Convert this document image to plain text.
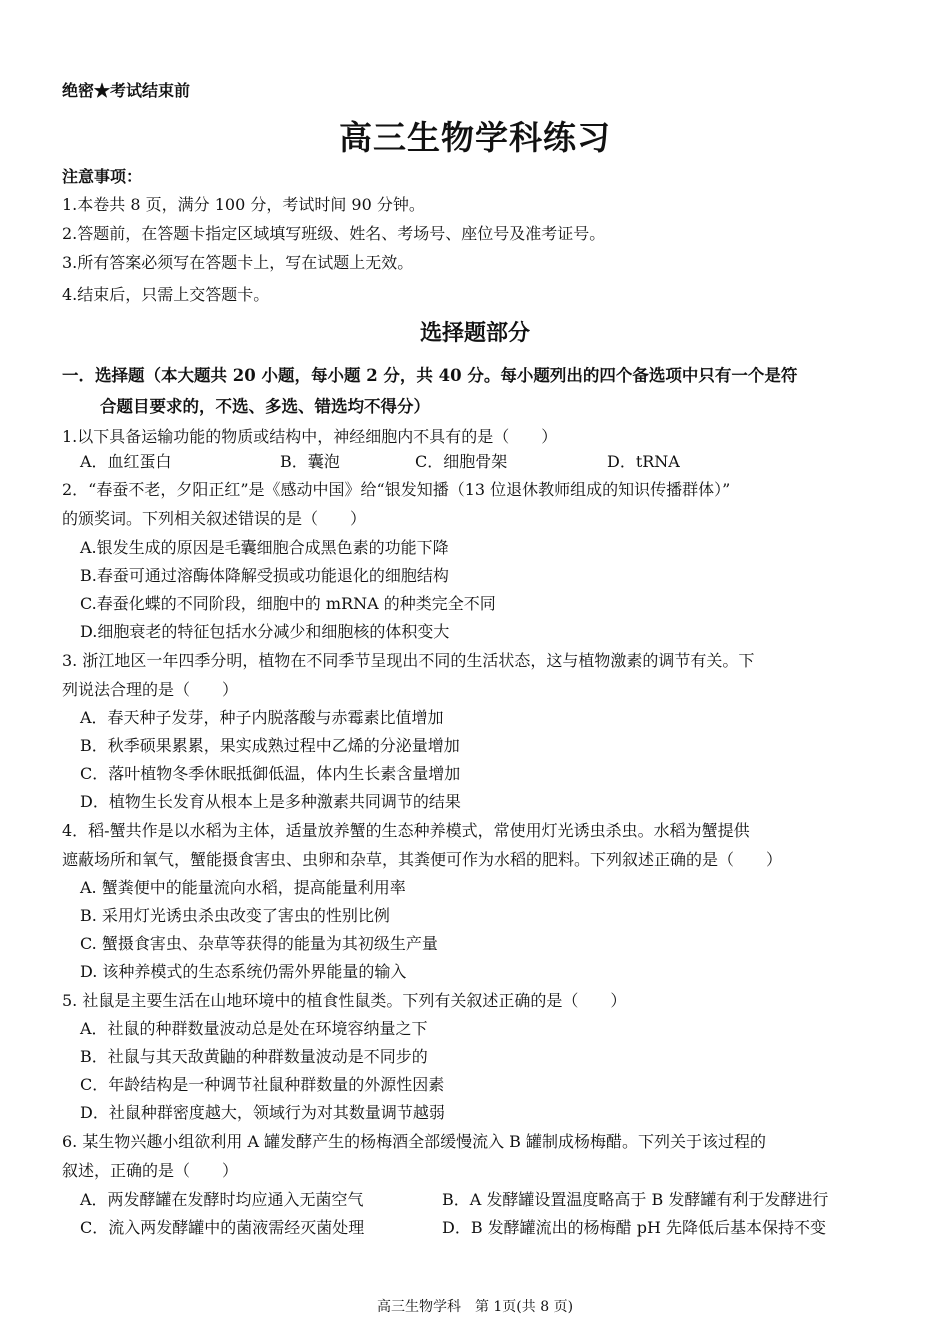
绝密★考试结束前
高三生物学科练习
注意事项：
1.本卷共 8 页，满分 100 分，考试时间 90 分钟。
2.答题前，在答题卡指定区域填写班级、姓名、考场号、座位号及准考证号。
3.所有答案必须写在答题卡上，写在试题上无效。
4.结束后，只需上交答题卡。
选择题部分
一．选择题（本大题共 20 小题，每小题 2 分，共 40 分。每小题列出的四个备选项中只有一个是符
合题目要求的，不选、多选、错选均不得分）
1.以下具备运输功能的物质或结构中，神经细胞内不具有的是（　　）
A．血红蛋白	B．囊泡	C．细胞骨架	D．tRNA
2．“春蚕不老，夕阳正红”是《感动中国》给“银发知播（13 位退休教师组成的知识传播群体）”
的颁奖词。下列相关叙述错误的是（　　）
A.银发生成的原因是毛囊细胞合成黑色素的功能下降
B.春蚕可通过溶酶体降解受损或功能退化的细胞结构
C.春蚕化蝶的不同阶段，细胞中的 mRNA 的种类完全不同
D.细胞衰老的特征包括水分减少和细胞核的体积变大
3. 浙江地区一年四季分明，植物在不同季节呈现出不同的生活状态，这与植物激素的调节有关。下
列说法合理的是（　　）
A．春天种子发芽，种子内脱落酸与赤霉素比值增加
B．秋季硕果累累，果实成熟过程中乙烯的分泌量增加
C．落叶植物冬季休眠抵御低温，体内生长素含量增加
D．植物生长发育从根本上是多种激素共同调节的结果
4．稻-蟹共作是以水稻为主体，适量放养蟹的生态种养模式，常使用灯光诱虫杀虫。水稻为蟹提供
遮蔽场所和氧气，蟹能摄食害虫、虫卵和杂草，其粪便可作为水稻的肥料。下列叙述正确的是（　　）
A. 蟹粪便中的能量流向水稻，提高能量利用率
B. 采用灯光诱虫杀虫改变了害虫的性别比例
C. 蟹摄食害虫、杂草等获得的能量为其初级生产量
D. 该种养模式的生态系统仍需外界能量的输入
5. 社鼠是主要生活在山地环境中的植食性鼠类。下列有关叙述正确的是（　　）
A．社鼠的种群数量波动总是处在环境容纳量之下
B．社鼠与其天敌黄鼬的种群数量波动是不同步的
C．年龄结构是一种调节社鼠种群数量的外源性因素
D．社鼠种群密度越大，领域行为对其数量调节越弱
6. 某生物兴趣小组欲利用 A 罐发酵产生的杨梅酒全部缓慢流入 B 罐制成杨梅醋。下列关于该过程的
叙述，正确的是（　　）
A．两发酵罐在发酵时均应通入无菌空气	B．A 发酵罐设置温度略高于 B 发酵罐有利于发酵进行
C．流入两发酵罐中的菌液需经灭菌处理	D．B 发酵罐流出的杨梅醋 pH 先降低后基本保持不变
高三生物学科　第 1页(共 8 页)
